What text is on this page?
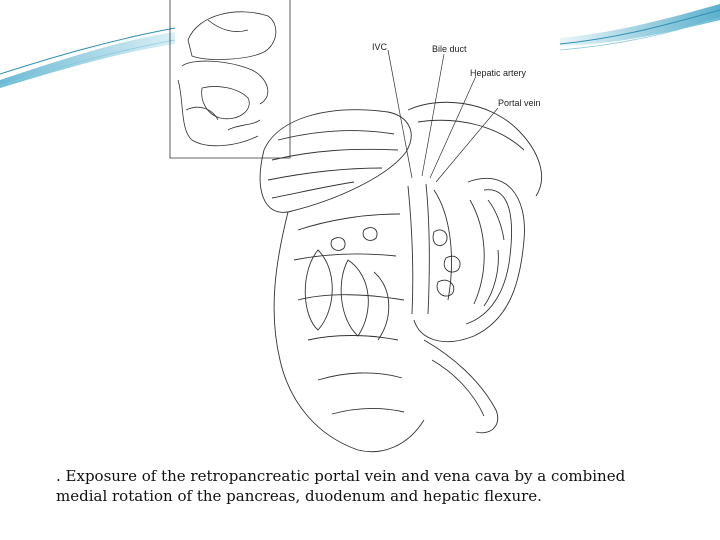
IVC	Bile duct
Hepatic artery
Portal vein
. Exposure of the retropancreatic portal vein and vena cava by a combined medial rotation of the pancreas, duodenum and hepatic flexure.
